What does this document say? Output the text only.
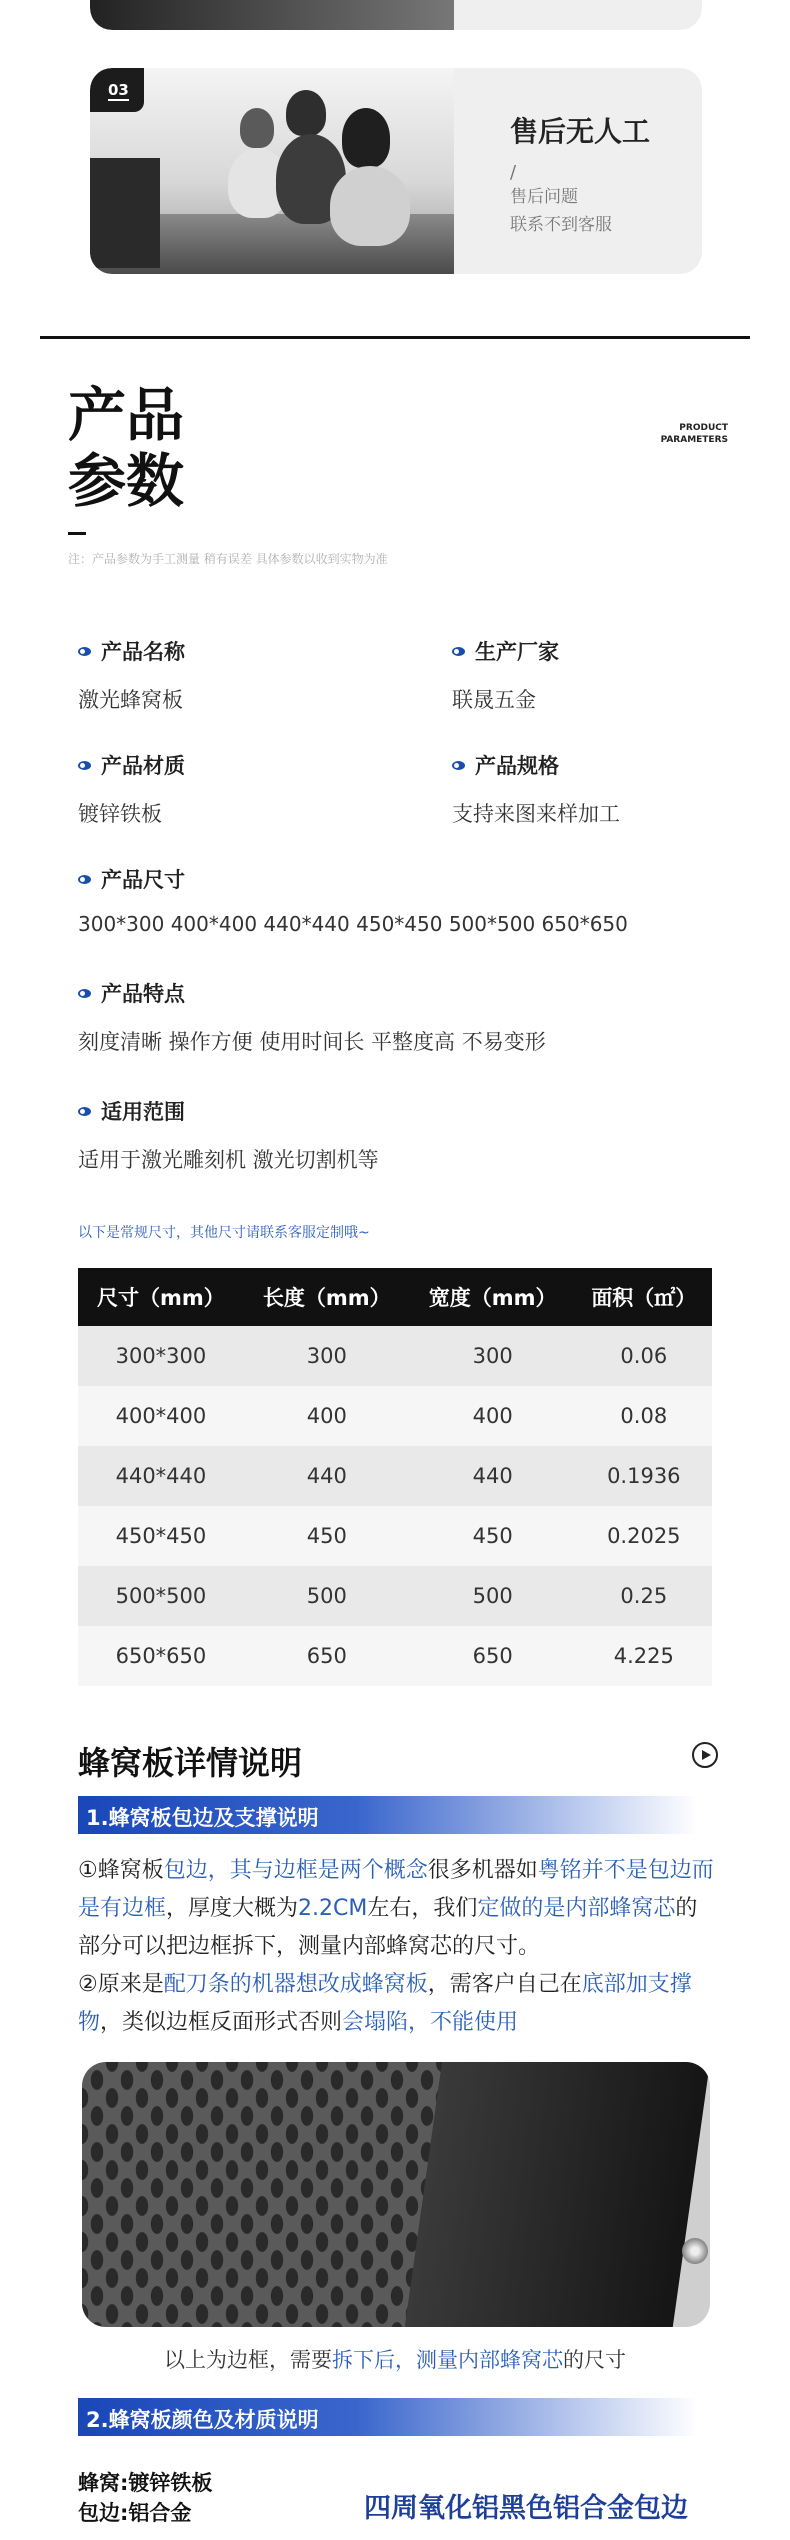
03
售后无人工
/
售后问题
联系不到客服
产品
参数
PRODUCT
PARAMETERS
注：产品参数为手工测量 稍有误差 具体参数以收到实物为准
产品名称
激光蜂窝板
生产厂家
联晟五金
产品材质
镀锌铁板
产品规格
支持来图来样加工
产品尺寸
300*300 400*400 440*440 450*450 500*500 650*650
产品特点
刻度清晰 操作方便 使用时间长 平整度高 不易变形
适用范围
适用于激光雕刻机 激光切割机等
以下是常规尺寸，其他尺寸请联系客服定制哦~
尺寸（mm）	长度（mm）	宽度（mm）	面积（㎡）
300*300	300	300	0.06
400*400	400	400	0.08
440*440	440	440	0.1936
450*450	450	450	0.2025
500*500	500	500	0.25
650*650	650	650	4.225
蜂窝板详情说明
1.蜂窝板包边及支撑说明
①蜂窝板包边，其与边框是两个概念很多机器如粤铭并不是包边而是有边框，厚度大概为2.2CM左右，我们定做的是内部蜂窝芯的部分可以把边框拆下，测量内部蜂窝芯的尺寸。
②原来是配刀条的机器想改成蜂窝板，需客户自己在底部加支撑物，类似边框反面形式否则会塌陷，不能使用
以上为边框，需要拆下后，测量内部蜂窝芯的尺寸
2.蜂窝板颜色及材质说明
蜂窝:镀锌铁板
包边:铝合金	四周氧化铝黑色铝合金包边
